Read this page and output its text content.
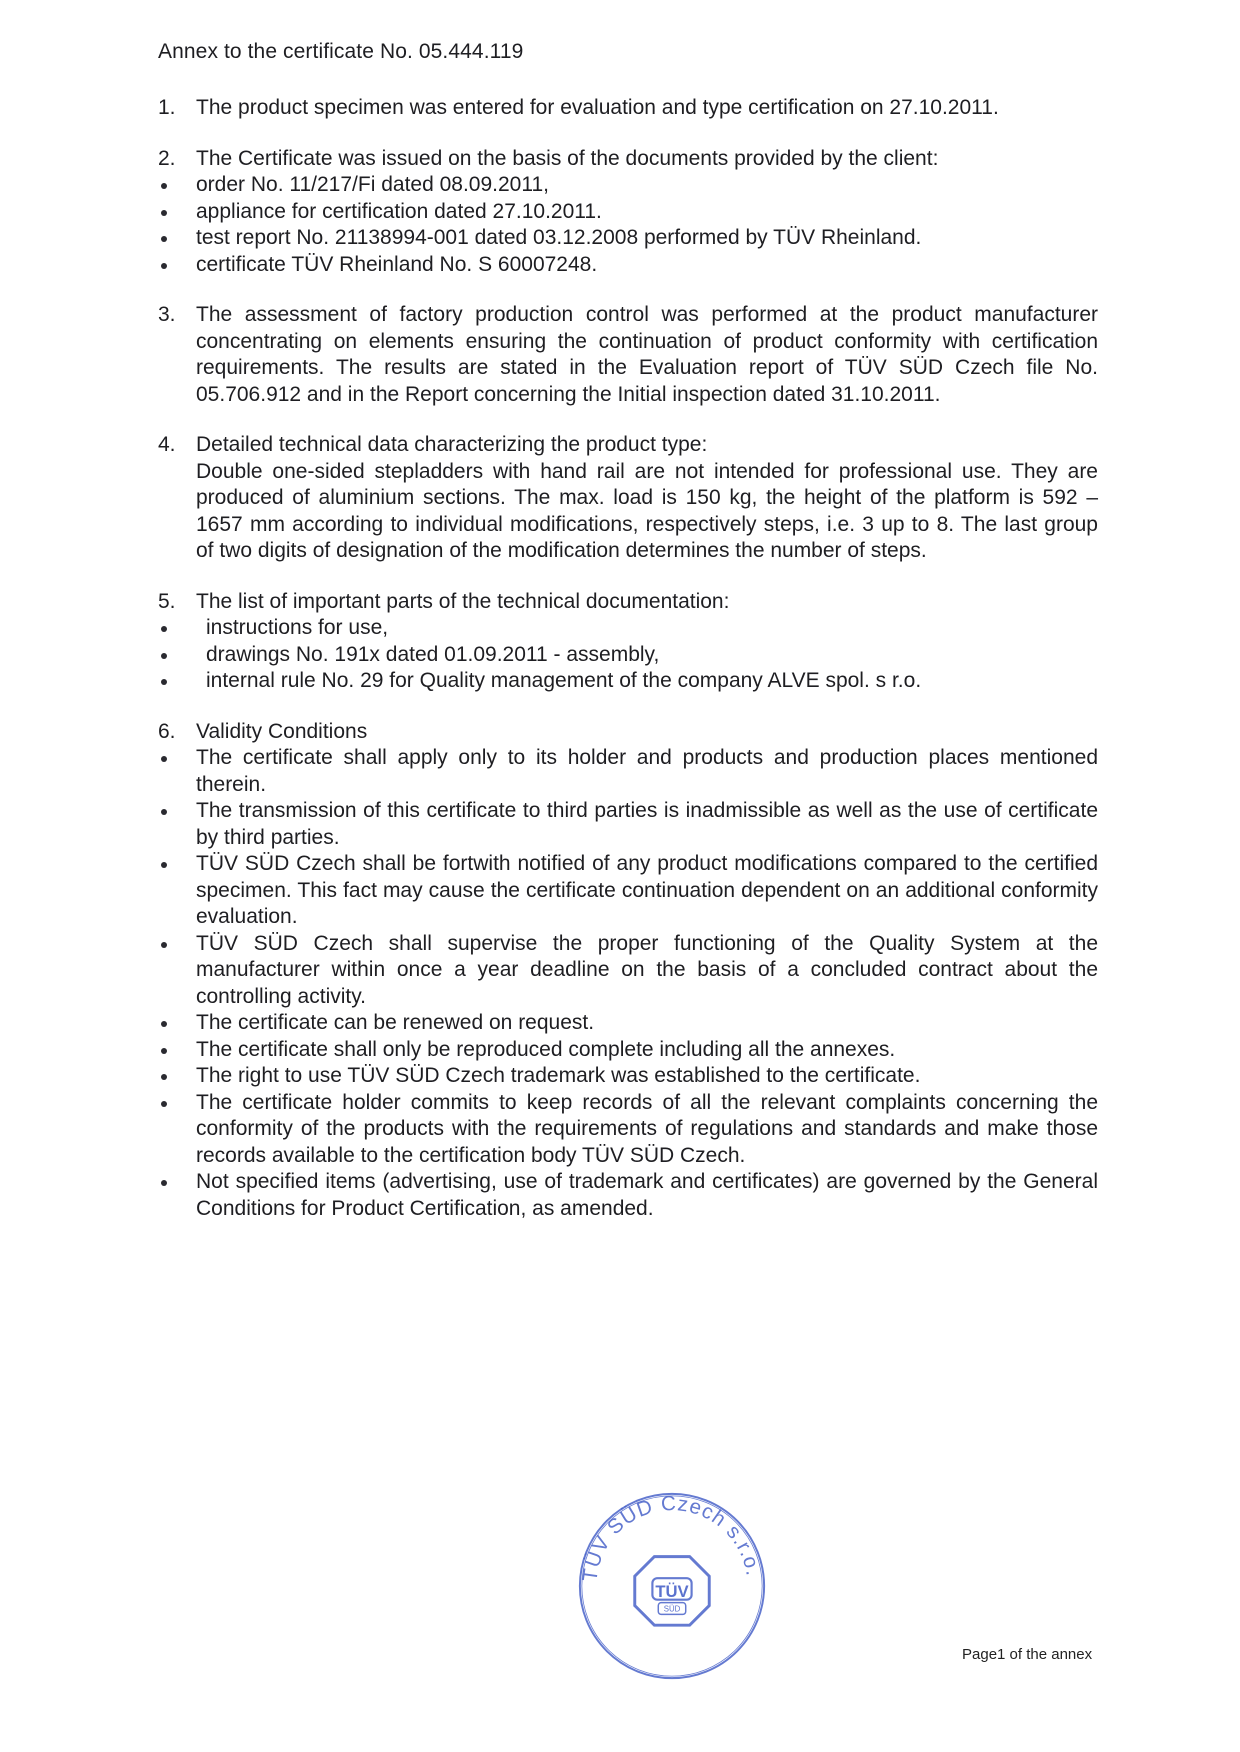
Annex to the certificate No. 05.444.119
1. The product specimen was entered for evaluation and type certification on 27.10.2011.
2. The Certificate was issued on the basis of the documents provided by the client:
order No. 11/217/Fi dated 08.09.2011,
appliance for certification dated 27.10.2011.
test report No. 21138994-001 dated 03.12.2008 performed by TÜV Rheinland.
certificate TÜV Rheinland No. S 60007248.
3. The assessment of factory production control was performed at the product manufacturer concentrating on elements ensuring the continuation of product conformity with certification requirements. The results are stated in the Evaluation report of TÜV SÜD Czech file No. 05.706.912 and in the Report concerning the Initial inspection dated 31.10.2011.
4. Detailed technical data characterizing the product type:
Double one-sided stepladders with hand rail are not intended for professional use. They are produced of aluminium sections. The max. load is 150 kg, the height of the platform is 592 – 1657 mm according to individual modifications, respectively steps, i.e. 3 up to 8. The last group of two digits of designation of the modification determines the number of steps.
5. The list of important parts of the technical documentation:
instructions for use,
drawings No. 191x dated 01.09.2011 - assembly,
internal rule No. 29 for Quality management of the company ALVE spol. s r.o.
6. Validity Conditions
The certificate shall apply only to its holder and products and production places mentioned therein.
The transmission of this certificate to third parties is inadmissible as well as the use of certificate by third parties.
TÜV SÜD Czech shall be fortwith notified of any product modifications compared to the certified specimen. This fact may cause the certificate continuation dependent on an additional conformity evaluation.
TÜV SÜD Czech shall supervise the proper functioning of the Quality System at the manufacturer within once a year deadline on the basis of a concluded contract about the controlling activity.
The certificate can be renewed on request.
The certificate shall only be reproduced complete including all the annexes.
The right to use TÜV SÜD Czech trademark was established to the certificate.
The certificate holder commits to keep records of all the relevant complaints concerning the conformity of the products with the requirements of regulations and standards and make those records available to the certification body TÜV SÜD Czech.
Not specified items (advertising, use of trademark and certificates) are governed by the General Conditions for Product Certification, as amended.
TÜV SÜD Czech s.r.o.
TÜV
SÜD
Page1 of the annex
